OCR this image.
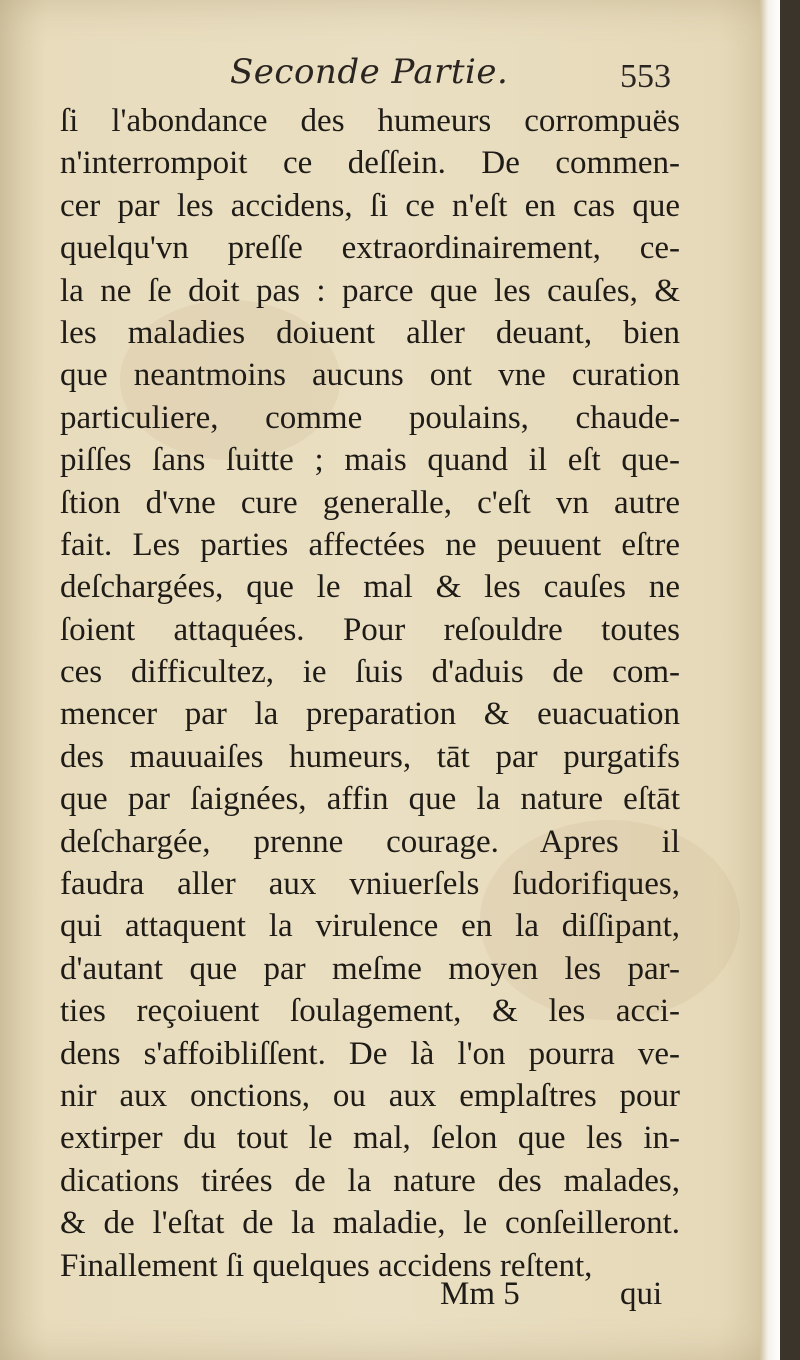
Seconde Partie.	553
ſi l'abondance des humeurs corrompuës
n'interrompoit ce deſſein. De commen-
cer par les accidens, ſi ce n'eſt en cas que
quelqu'vn preſſe extraordinairement, ce-
la ne ſe doit pas : parce que les cauſes, &
les maladies doiuent aller deuant, bien
que neantmoins aucuns ont vne curation
particuliere, comme poulains, chaude-
piſſes ſans ſuitte ; mais quand il eſt que-
ſtion d'vne cure generalle, c'eſt vn autre
fait. Les parties affectées ne peuuent eſtre
deſchargées, que le mal & les cauſes ne
ſoient attaquées. Pour reſouldre toutes
ces difficultez, ie ſuis d'aduis de com-
mencer par la preparation & euacuation
des mauuaiſes humeurs, tāt par purgatifs
que par ſaignées, affin que la nature eſtāt
deſchargée, prenne courage. Apres il
faudra aller aux vniuerſels ſudorifiques,
qui attaquent la virulence en la diſſipant,
d'autant que par meſme moyen les par-
ties reçoiuent ſoulagement, & les acci-
dens s'affoibliſſent. De là l'on pourra ve-
nir aux onctions, ou aux emplaſtres pour
extirper du tout le mal, ſelon que les in-
dications tirées de la nature des malades,
& de l'eſtat de la maladie, le conſeilleront.
Finallement ſi quelques accidens reſtent,
Mm 5	qui
